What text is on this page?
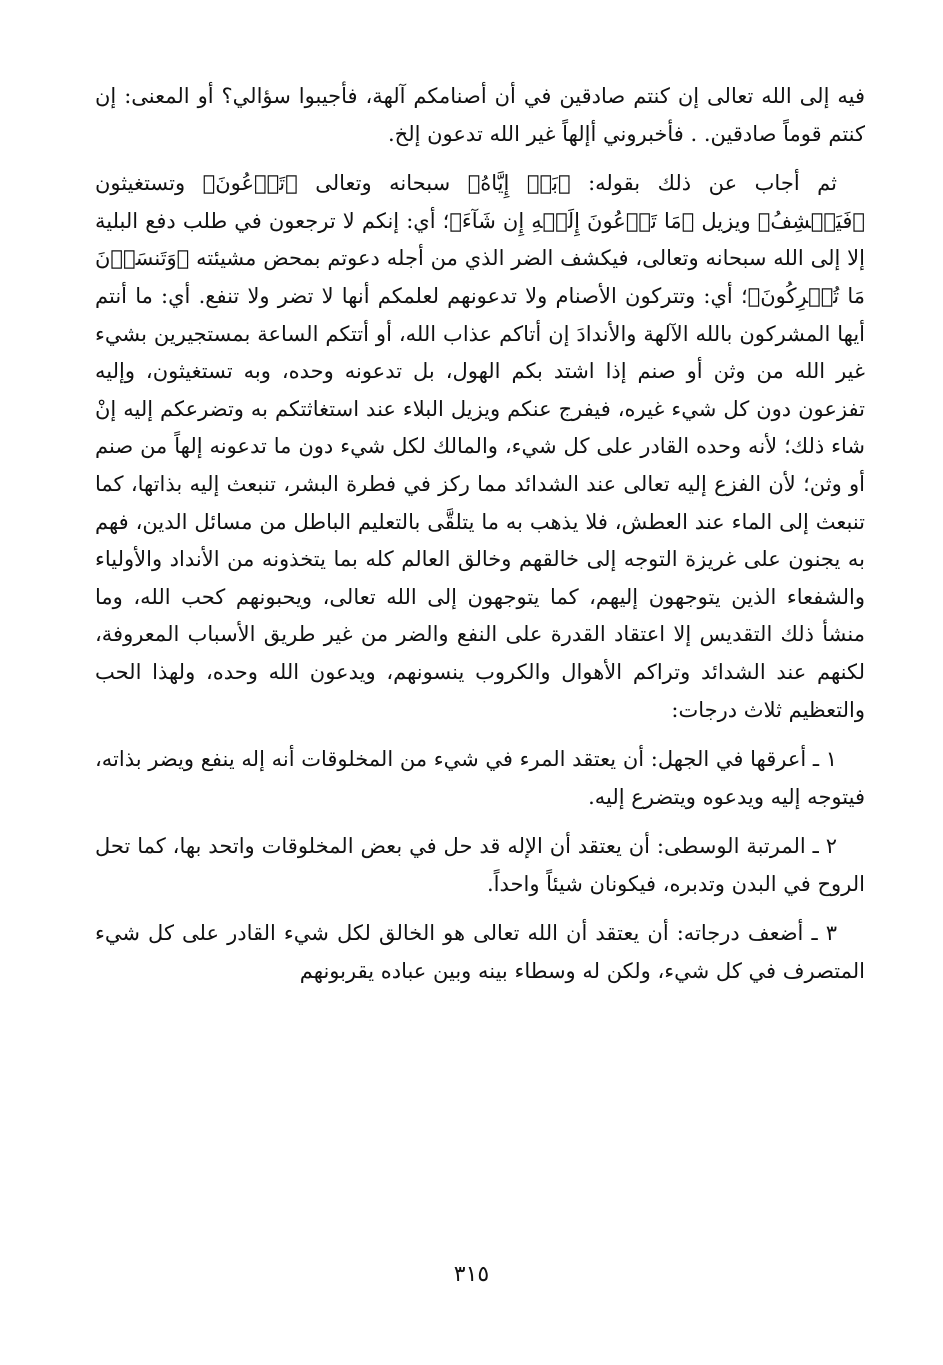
فيه إلى الله تعالى إن كنتم صادقين في أن أصنامكم آلهة، فأجيبوا سؤالي؟ أو المعنى: إن كنتم قوماً صادقين. . فأخبروني أإلهاً غير الله تدعون إلخ.

ثم أجاب عن ذلك بقوله: ﴿بَلۡ إِيَّاهُ﴾ سبحانه وتعالى ﴿تَدۡعُونَ﴾ وتستغيثون ﴿فَيَكۡشِفُ﴾ ويزيل ﴿مَا تَدۡعُونَ إِلَيۡهِ إِن شَآءَ﴾؛ أي: إنكم لا ترجعون في طلب دفع البلية إلا إلى الله سبحانه وتعالى، فيكشف الضر الذي من أجله دعوتم بمحض مشيئته ﴿وَتَنسَوۡنَ مَا تُشۡرِكُونَ﴾؛ أي: وتتركون الأصنام ولا تدعونهم لعلمكم أنها لا تضر ولا تنفع. أي: ما أنتم أيها المشركون بالله الآلهة والأندادَ إن أتاكم عذاب الله، أو أتتكم الساعة بمستجيرين بشيء غير الله من وثن أو صنم إذا اشتد بكم الهول، بل تدعونه وحده، وبه تستغيثون، وإليه تفزعون دون كل شيء غيره، فيفرج عنكم ويزيل البلاء عند استغاثتكم به وتضرعكم إليه إنْ شاء ذلك؛ لأنه وحده القادر على كل شيء، والمالك لكل شيء دون ما تدعونه إلهاً من صنم أو وثن؛ لأن الفزع إليه تعالى عند الشدائد مما ركز في فطرة البشر، تنبعث إليه بذاتها، كما تنبعث إلى الماء عند العطش، فلا يذهب به ما يتلقَّى بالتعليم الباطل من مسائل الدين، فهم به يجنون على غريزة التوجه إلى خالقهم وخالق العالم كله بما يتخذونه من الأنداد والأولياء والشفعاء الذين يتوجهون إليهم، كما يتوجهون إلى الله تعالى، ويحبونهم كحب الله، وما منشأ ذلك التقديس إلا اعتقاد القدرة على النفع والضر من غير طريق الأسباب المعروفة، لكنهم عند الشدائد وتراكم الأهوال والكروب ينسونهم، ويدعون الله وحده، ولهذا الحب والتعظيم ثلاث درجات:

١ ـ أعرقها في الجهل: أن يعتقد المرء في شيء من المخلوقات أنه إله ينفع ويضر بذاته، فيتوجه إليه ويدعوه ويتضرع إليه.

٢ ـ المرتبة الوسطى: أن يعتقد أن الإله قد حل في بعض المخلوقات واتحد بها، كما تحل الروح في البدن وتدبره، فيكونان شيئاً واحداً.

٣ ـ أضعف درجاته: أن يعتقد أن الله تعالى هو الخالق لكل شيء القادر على كل شيء المتصرف في كل شيء، ولكن له وسطاء بينه وبين عباده يقربونهم

٣١٥
